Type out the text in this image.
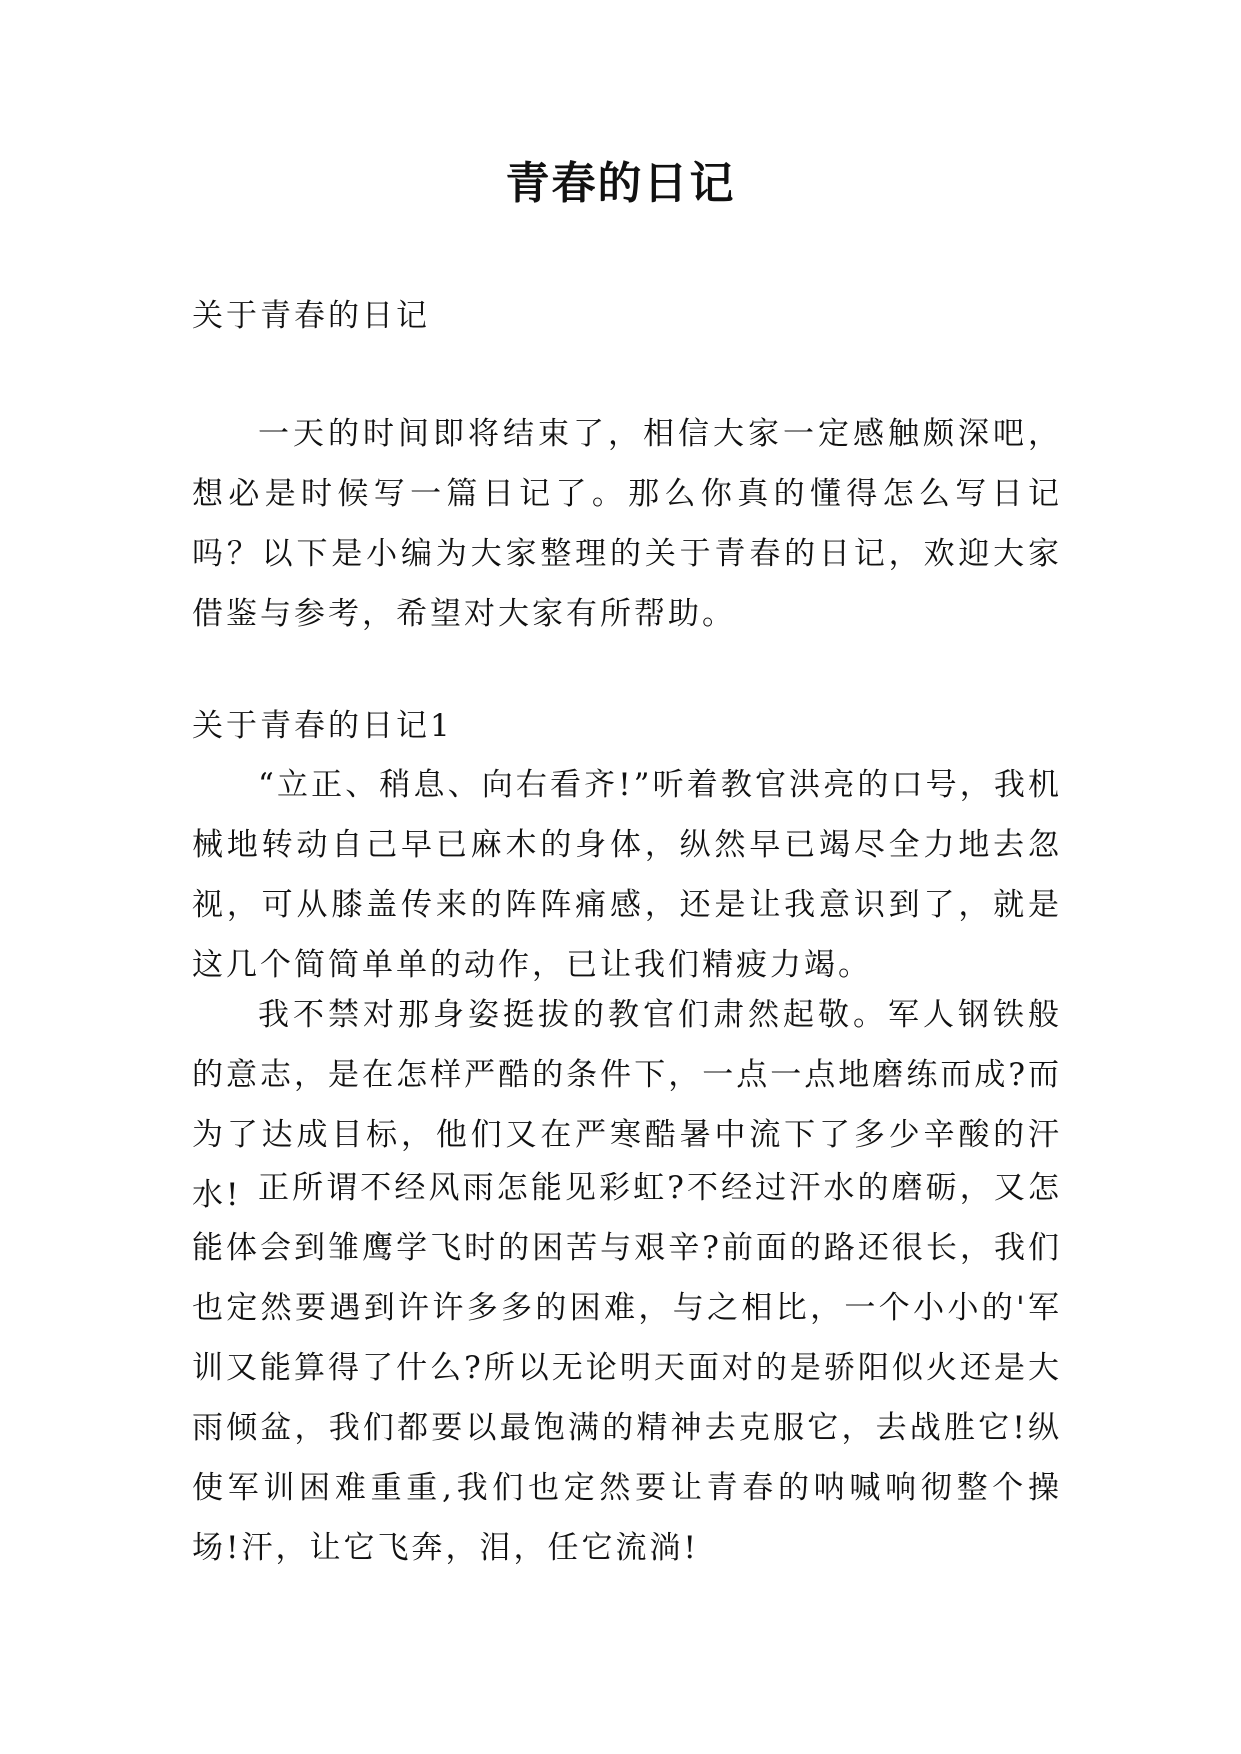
青春的日记

关于青春的日记

一天的时间即将结束了，相信大家一定感触颇深吧，想必是时候写一篇日记了。那么你真的懂得怎么写日记吗？以下是小编为大家整理的关于青春的日记，欢迎大家借鉴与参考，希望对大家有所帮助。

关于青春的日记1

“立正、稍息、向右看齐!”听着教官洪亮的口号，我机械地转动自己早已麻木的身体，纵然早已竭尽全力地去忽视，可从膝盖传来的阵阵痛感，还是让我意识到了，就是这几个简简单单的动作，已让我们精疲力竭。

我不禁对那身姿挺拔的教官们肃然起敬。军人钢铁般的意志，是在怎样严酷的条件下，一点一点地磨练而成?而为了达成目标，他们又在严寒酷暑中流下了多少辛酸的汗水! 正所谓不经风雨怎能见彩虹?不经过汗水的磨砺，又怎能体会到雏鹰学飞时的困苦与艰辛?前面的路还很长，我们也定然要遇到许许多多的困难，与之相比，一个小小的'军训又能算得了什么?所以无论明天面对的是骄阳似火还是大雨倾盆，我们都要以最饱满的精神去克服它，去战胜它!纵使军训困难重重,我们也定然要让青春的呐喊响彻整个操场!汗，让它飞奔，泪，任它流淌!
